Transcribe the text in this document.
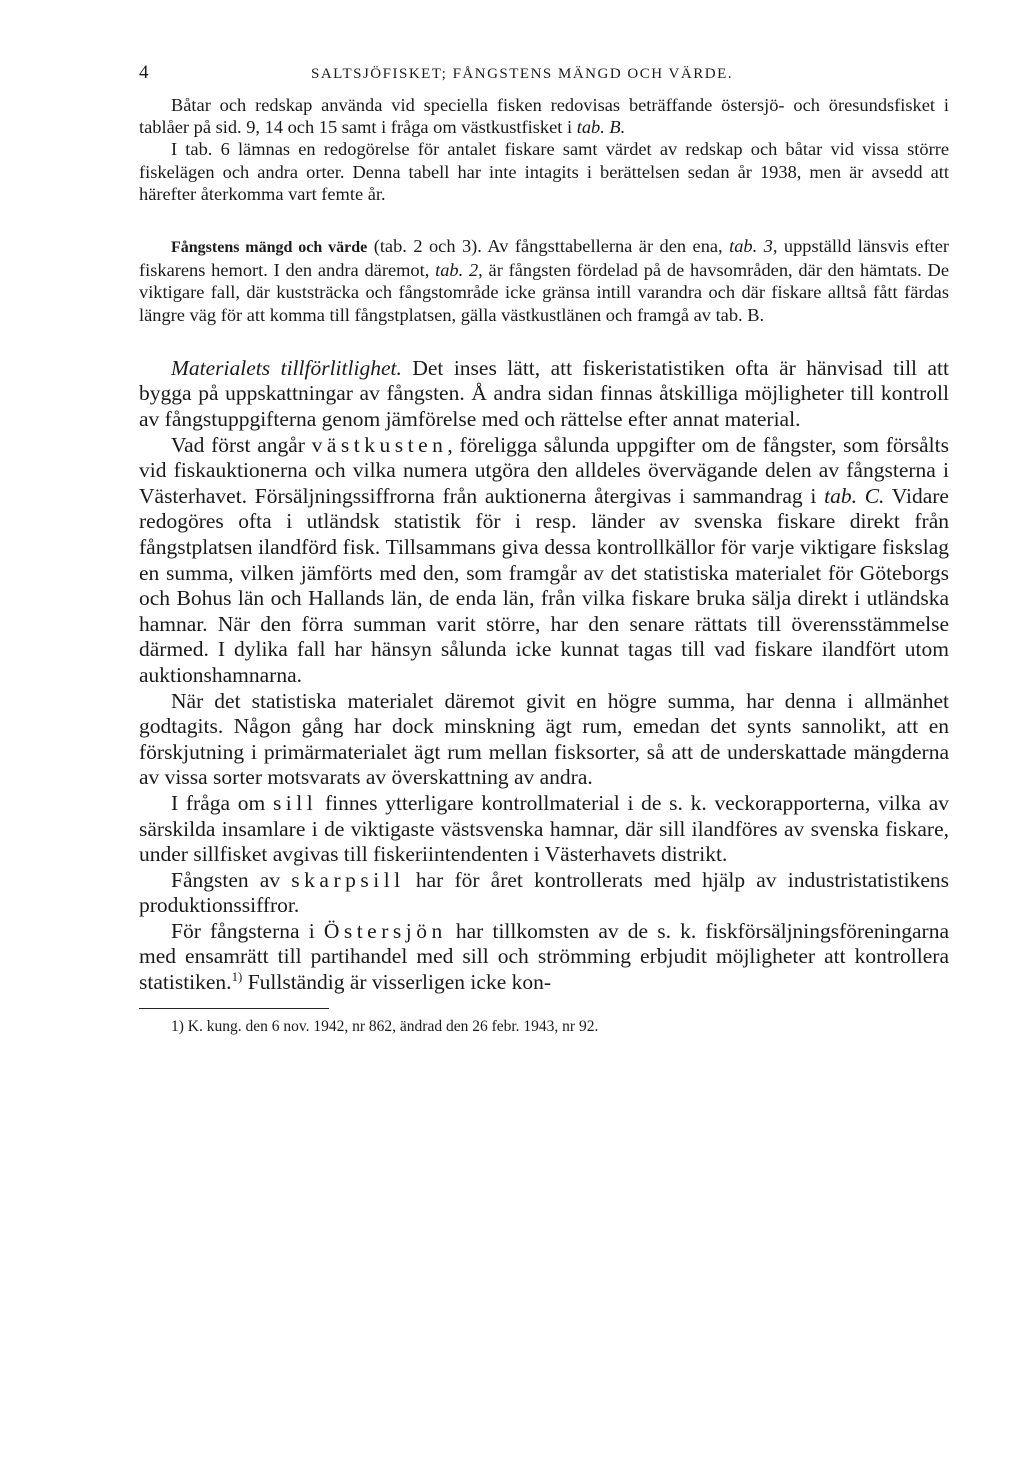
4	SALTSJÖFISKET; FÅNGSTENS MÄNGD OCH VÄRDE.

Båtar och redskap använda vid speciella fisken redovisas beträffande östersjö- och öresundsfisket i tablåer på sid. 9, 14 och 15 samt i fråga om västkustfisket i tab. B.

I tab. 6 lämnas en redogörelse för antalet fiskare samt värdet av redskap och båtar vid vissa större fiskelägen och andra orter. Denna tabell har inte intagits i berättelsen sedan år 1938, men är avsedd att härefter återkomma vart femte år.

Fångstens mängd och värde (tab. 2 och 3). Av fångsttabellerna är den ena, tab. 3, uppställd länsvis efter fiskarens hemort. I den andra däremot, tab. 2, är fångsten fördelad på de havsområden, där den hämtats. De viktigare fall, där kuststräcka och fångstområde icke gränsa intill varandra och där fiskare alltså fått färdas längre väg för att komma till fångstplatsen, gälla västkustlänen och framgå av tab. B.

Materialets tillförlitlighet. Det inses lätt, att fiskeristatistiken ofta är hänvisad till att bygga på uppskattningar av fångsten. Å andra sidan finnas åtskilliga möjligheter till kontroll av fångstuppgifterna genom jämförelse med och rättelse efter annat material.

Vad först angår västkusten, föreligga sålunda uppgifter om de fångster, som försålts vid fiskauktionerna och vilka numera utgöra den alldeles övervägande delen av fångsterna i Västerhavet. Försäljningssiffrorna från auktionerna återgivas i sammandrag i tab. C. Vidare redogöres ofta i utländsk statistik för i resp. länder av svenska fiskare direkt från fångstplatsen ilandförd fisk. Tillsammans giva dessa kontrollkällor för varje viktigare fiskslag en summa, vilken jämförts med den, som framgår av det statistiska materialet för Göteborgs och Bohus län och Hallands län, de enda län, från vilka fiskare bruka sälja direkt i utländska hamnar. När den förra summan varit större, har den senare rättats till överensstämmelse därmed. I dylika fall har hänsyn sålunda icke kunnat tagas till vad fiskare ilandfört utom auktionshamnarna.

När det statistiska materialet däremot givit en högre summa, har denna i allmänhet godtagits. Någon gång har dock minskning ägt rum, emedan det synts sannolikt, att en förskjutning i primärmaterialet ägt rum mellan fisksorter, så att de underskattade mängderna av vissa sorter motsvarats av överskattning av andra.

I fråga om sill finnes ytterligare kontrollmaterial i de s. k. veckorapporterna, vilka av särskilda insamlare i de viktigaste västsvenska hamnar, där sill ilandföres av svenska fiskare, under sillfisket avgivas till fiskeriintendenten i Västerhavets distrikt.

Fångsten av skarpsill har för året kontrollerats med hjälp av industristatistikens produktionssiffror.

För fångsterna i Östersjön har tillkomsten av de s. k. fiskförsäljningsföreningarna med ensamrätt till partihandel med sill och strömming erbjudit möjligheter att kontrollera statistiken.$^{1)}$ Fullständig är visserligen icke kon-

1) K. kung. den 6 nov. 1942, nr 862, ändrad den 26 febr. 1943, nr 92.
